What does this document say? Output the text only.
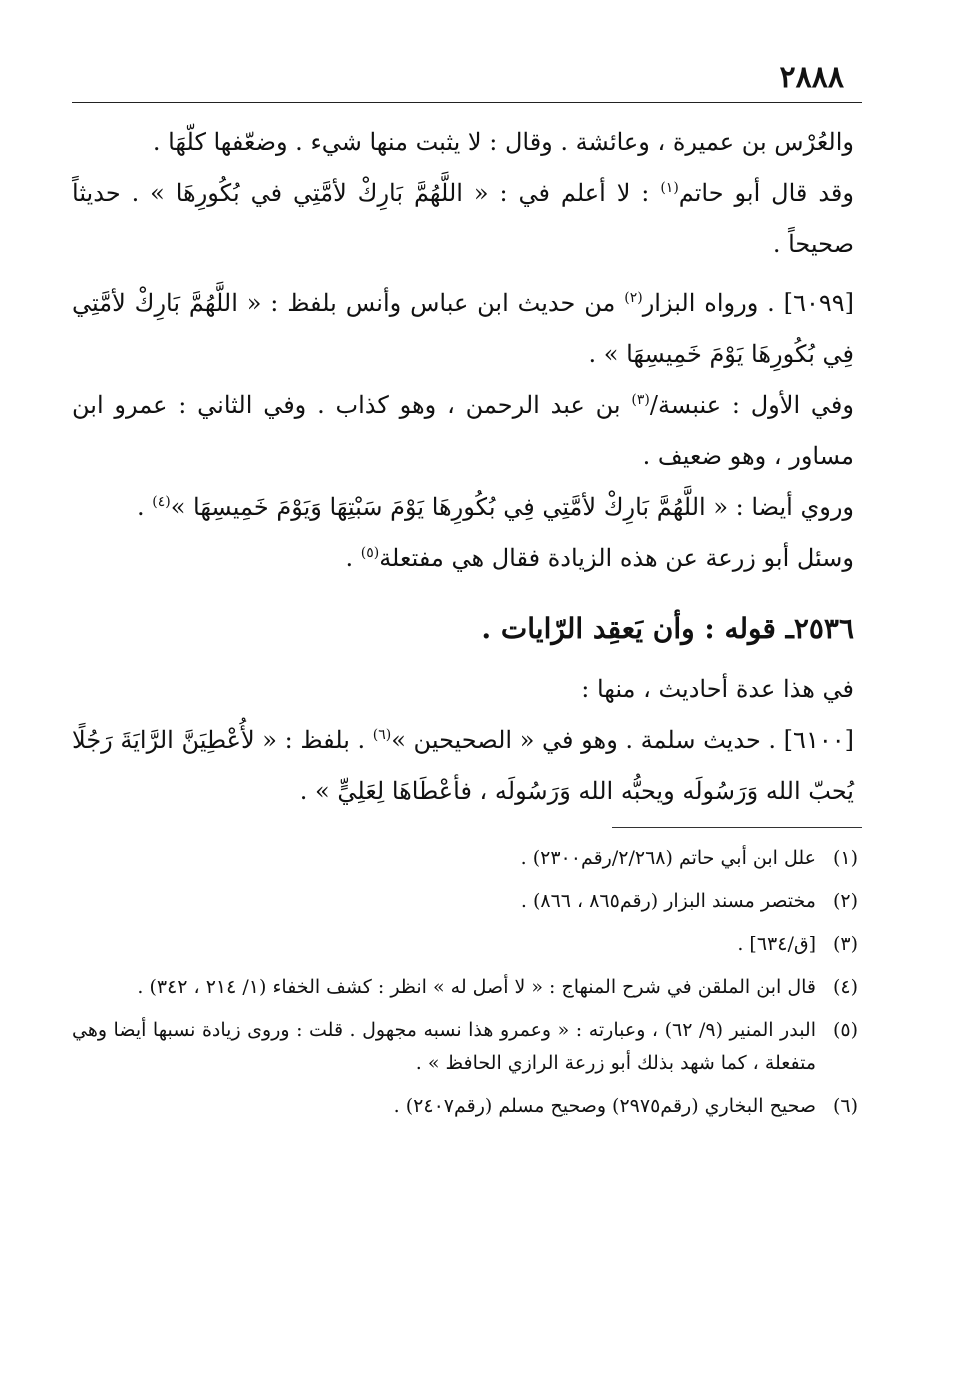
٢٨٨٨

والعُرْس بن عميرة ، وعائشة . وقال : لا يثبت منها شيء . وضعّفها كلّهَا .

وقد قال أبو حاتم$^{(١)}$ : لا أعلم في : « اللَّهُمَّ بَارِكْ لأمَّتِي في بُكُورِهَا » . حديثاً صحيحاً .

[٦٠٩٩] . ورواه البزار$^{(٢)}$ من حديث ابن عباس وأنس بلفظ : « اللَّهُمَّ بَارِكْ لأمَّتِي فِي بُكُورِهَا يَوْمَ خَمِيسِهَا » .

وفي الأول : عنبسة/$^{(٣)}$ بن عبد الرحمن ، وهو كذاب . وفي الثاني : عمرو ابن مساور ، وهو ضعيف .

وروي أيضا : « اللَّهُمَّ بَارِكْ لأمَّتِي فِي بُكُورِهَا يَوْمَ سَبْتِهَا وَيَوْمَ خَمِيسِهَا »$^{(٤)}$ .

وسئل أبو زرعة عن هذه الزيادة فقال هي مفتعلة$^{(٥)}$ .

٢٥٣٦ـ قوله : وأن يَعقِد الرّايات .

في هذا عدة أحاديث ، منها :

[٦١٠٠] . حديث سلمة . وهو في « الصحيحين »$^{(٦)}$ . بلفظ : « لأُعْطِيَنَّ الرَّايَةَ رَجُلًا يُحبّ الله وَرَسُولَه ويحبُّه الله وَرَسُولَه ، فأعْطَاهَا لِعَلِيٍّ » .

(١)
علل ابن أبي حاتم (٢/٢٦٨/رقم٢٣٠٠) .
(٢)
مختصر مسند البزار (رقم٨٦٥ ، ٨٦٦) .
(٣)
[ق/٦٣٤] .
(٤)
قال ابن الملقن في شرح المنهاج : « لا أصل له » انظر : كشف الخفاء (١/ ٢١٤ ، ٣٤٢) .
(٥)
البدر المنير (٩/ ٦٢) ، وعبارته : « وعمرو هذا نسبه مجهول . قلت : وروى زيادة نسبها أيضا وهي متفعلة ، كما شهد بذلك أبو زرعة الرازي الحافظ » .
(٦)
صحيح البخاري (رقم٢٩٧٥) وصحيح مسلم (رقم٢٤٠٧) .
